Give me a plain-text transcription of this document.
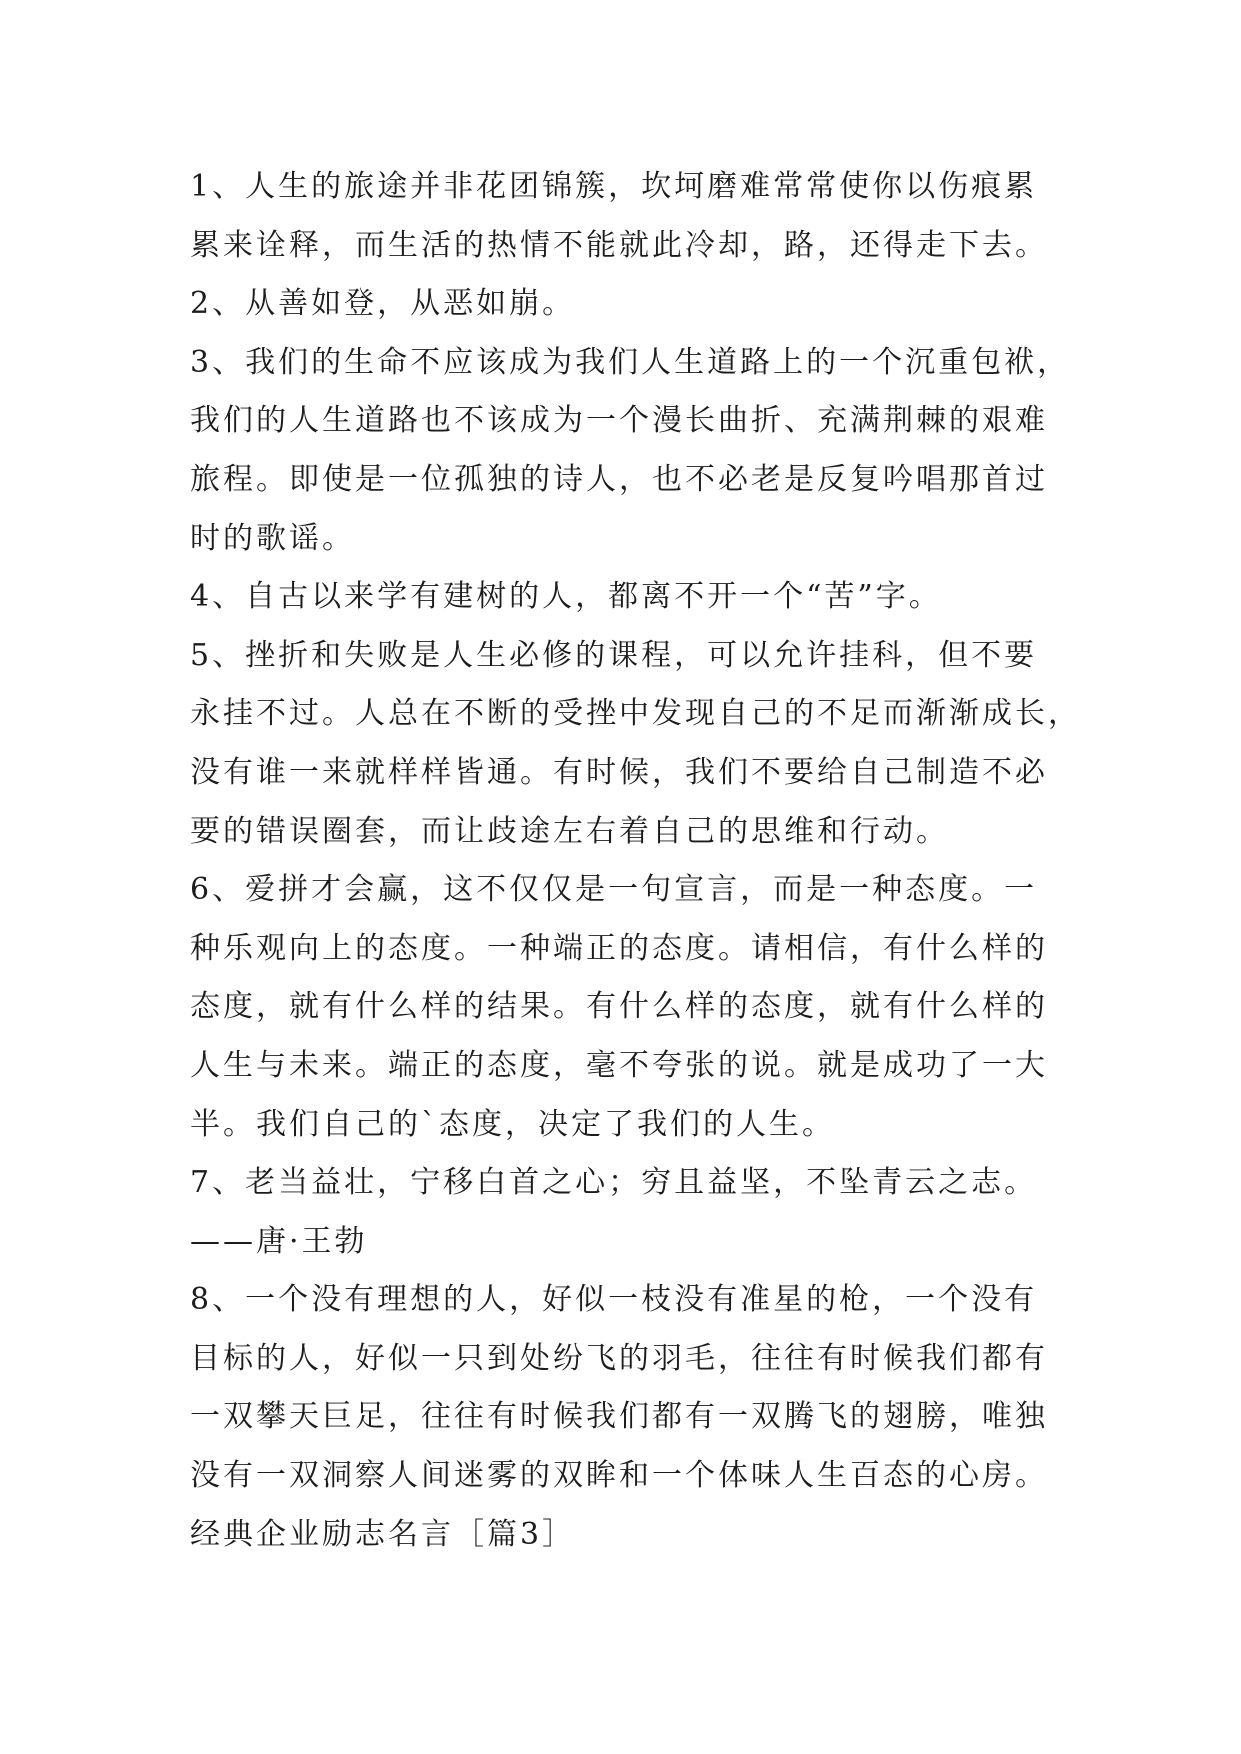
1、人生的旅途并非花团锦簇，坎坷磨难常常使你以伤痕累
累来诠释，而生活的热情不能就此冷却，路，还得走下去。
2、从善如登，从恶如崩。
3、我们的生命不应该成为我们人生道路上的一个沉重包袱，
我们的人生道路也不该成为一个漫长曲折、充满荆棘的艰难
旅程。即使是一位孤独的诗人，也不必老是反复吟唱那首过
时的歌谣。
4、自古以来学有建树的人，都离不开一个“苦”字。
5、挫折和失败是人生必修的课程，可以允许挂科，但不要
永挂不过。人总在不断的受挫中发现自己的不足而渐渐成长，
没有谁一来就样样皆通。有时候，我们不要给自己制造不必
要的错误圈套，而让歧途左右着自己的思维和行动。
6、爱拼才会赢，这不仅仅是一句宣言，而是一种态度。一
种乐观向上的态度。一种端正的态度。请相信，有什么样的
态度，就有什么样的结果。有什么样的态度，就有什么样的
人生与未来。端正的态度，毫不夸张的说。就是成功了一大
半。我们自己的`态度，决定了我们的人生。
7、老当益壮，宁移白首之心；穷且益坚，不坠青云之志。
——唐·王勃
8、一个没有理想的人，好似一枝没有准星的枪，一个没有
目标的人，好似一只到处纷飞的羽毛，往往有时候我们都有
一双攀天巨足，往往有时候我们都有一双腾飞的翅膀，唯独
没有一双洞察人间迷雾的双眸和一个体味人生百态的心房。
经典企业励志名言［篇3］
